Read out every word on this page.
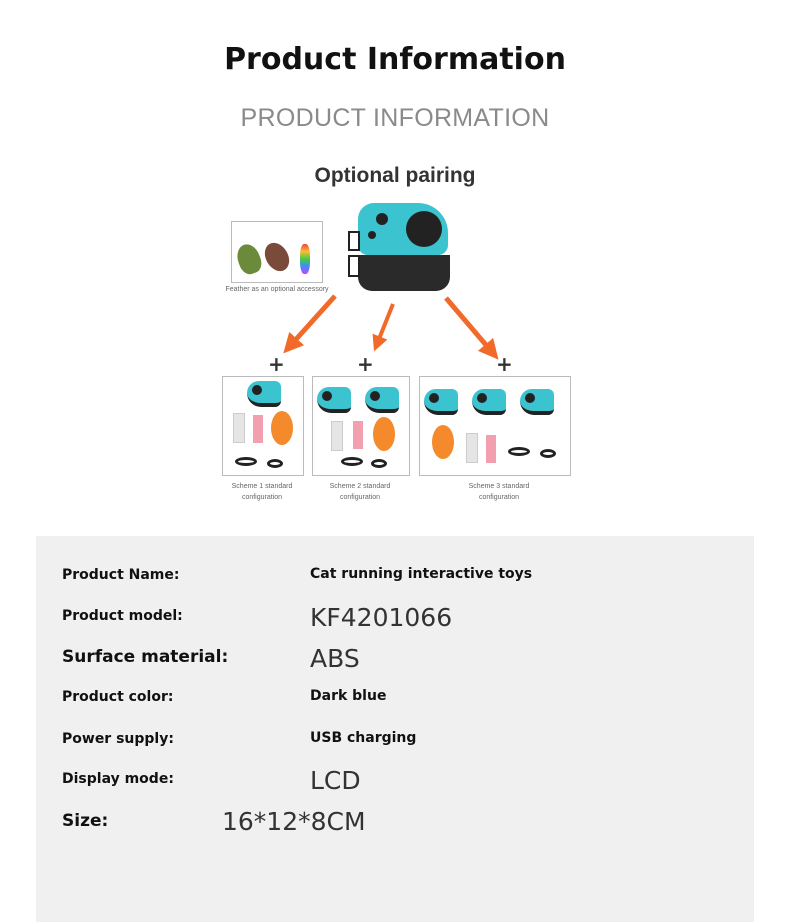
Product Information
PRODUCT INFORMATION
Optional pairing
Feather as an optional accessory
+	+	+
Scheme 1 standard
configuration
Scheme 2 standard
configuration
Scheme 3 standard
configuration
Product Name:	Cat running interactive toys
Product model:	KF4201066
Surface material:	ABS
Product color:	Dark blue
Power supply:	USB charging
Display mode:	LCD
Size:	16*12*8CM
